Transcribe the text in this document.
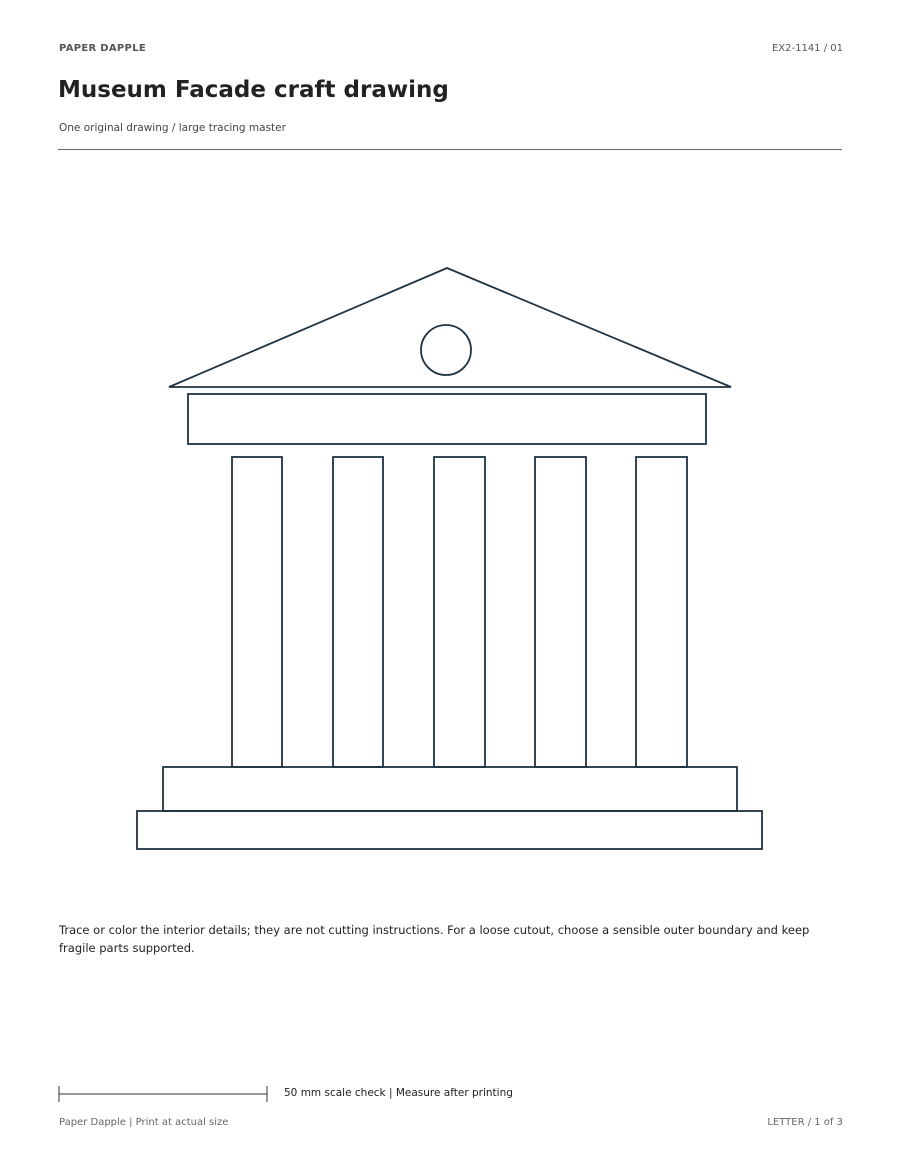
PAPER DAPPLE	EX2-1141 / 01
Museum Facade craft drawing
One original drawing / large tracing master
Trace or color the interior details; they are not cutting instructions. For a loose cutout, choose a sensible outer boundary and keep fragile parts supported.
50 mm scale check | Measure after printing
Paper Dapple | Print at actual size	LETTER / 1 of 3
